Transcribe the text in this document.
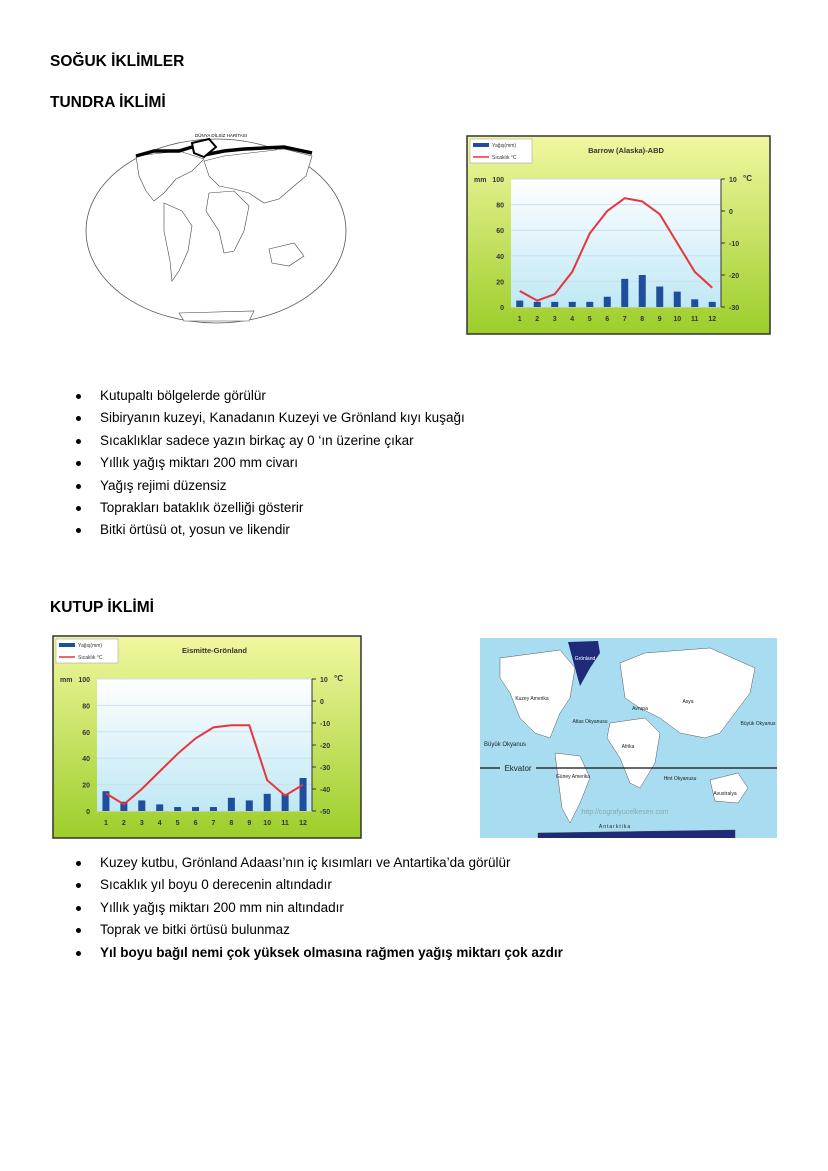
SOĞUK İKLİMLER
TUNDRA İKLİMİ
DÜNYA DİLSİZ HARİTASI
0
20
40
60
80
100
-30
-20
-10
0
10
mm	°C
Barrow (Alaska)-ABD
Yağış(mm)
Sıcaklık °C
1 2 3 4 5 6 7 8 9 10 11 12
Kutupaltı bölgelerde görülür
Sibiryanın kuzeyi, Kanadanın Kuzeyi ve Grönland kıyı kuşağı
Sıcaklıklar sadece yazın birkaç ay 0 ‘ın üzerine çıkar
Yıllık yağış miktarı 200 mm civarı
Yağış rejimi düzensiz
Toprakları bataklık özelliği gösterir
Bitki örtüsü ot, yosun ve likendir
KUTUP İKLİMİ
0
20
40
60
80
100
-50
-40
-30
-20
-10
0
10
mm	°C
Eismitte-Grönland
Yağış(mm)
Sıcaklık °C
1 2 3 4 5 6 7 8 9 10 11 12
Grönland
Kuzey Amerika
Avrupa
Asya
Atlas Okyanusu
Büyük Okyanus
Büyük Okyanus
Afrika
Ekvator
Güney Amerika	Hint Okyanusu
Avustralya
http://cografyucelkesen.com
Antarktika
Kuzey kutbu, Grönland Adaası’nın iç kısımları ve Antartika’da görülür
Sıcaklık yıl boyu 0 derecenin altındadır
Yıllık yağış miktarı 200 mm nin altındadır
Toprak ve bitki örtüsü bulunmaz
Yıl boyu bağıl nemi çok yüksek olmasına rağmen yağış miktarı çok azdır
